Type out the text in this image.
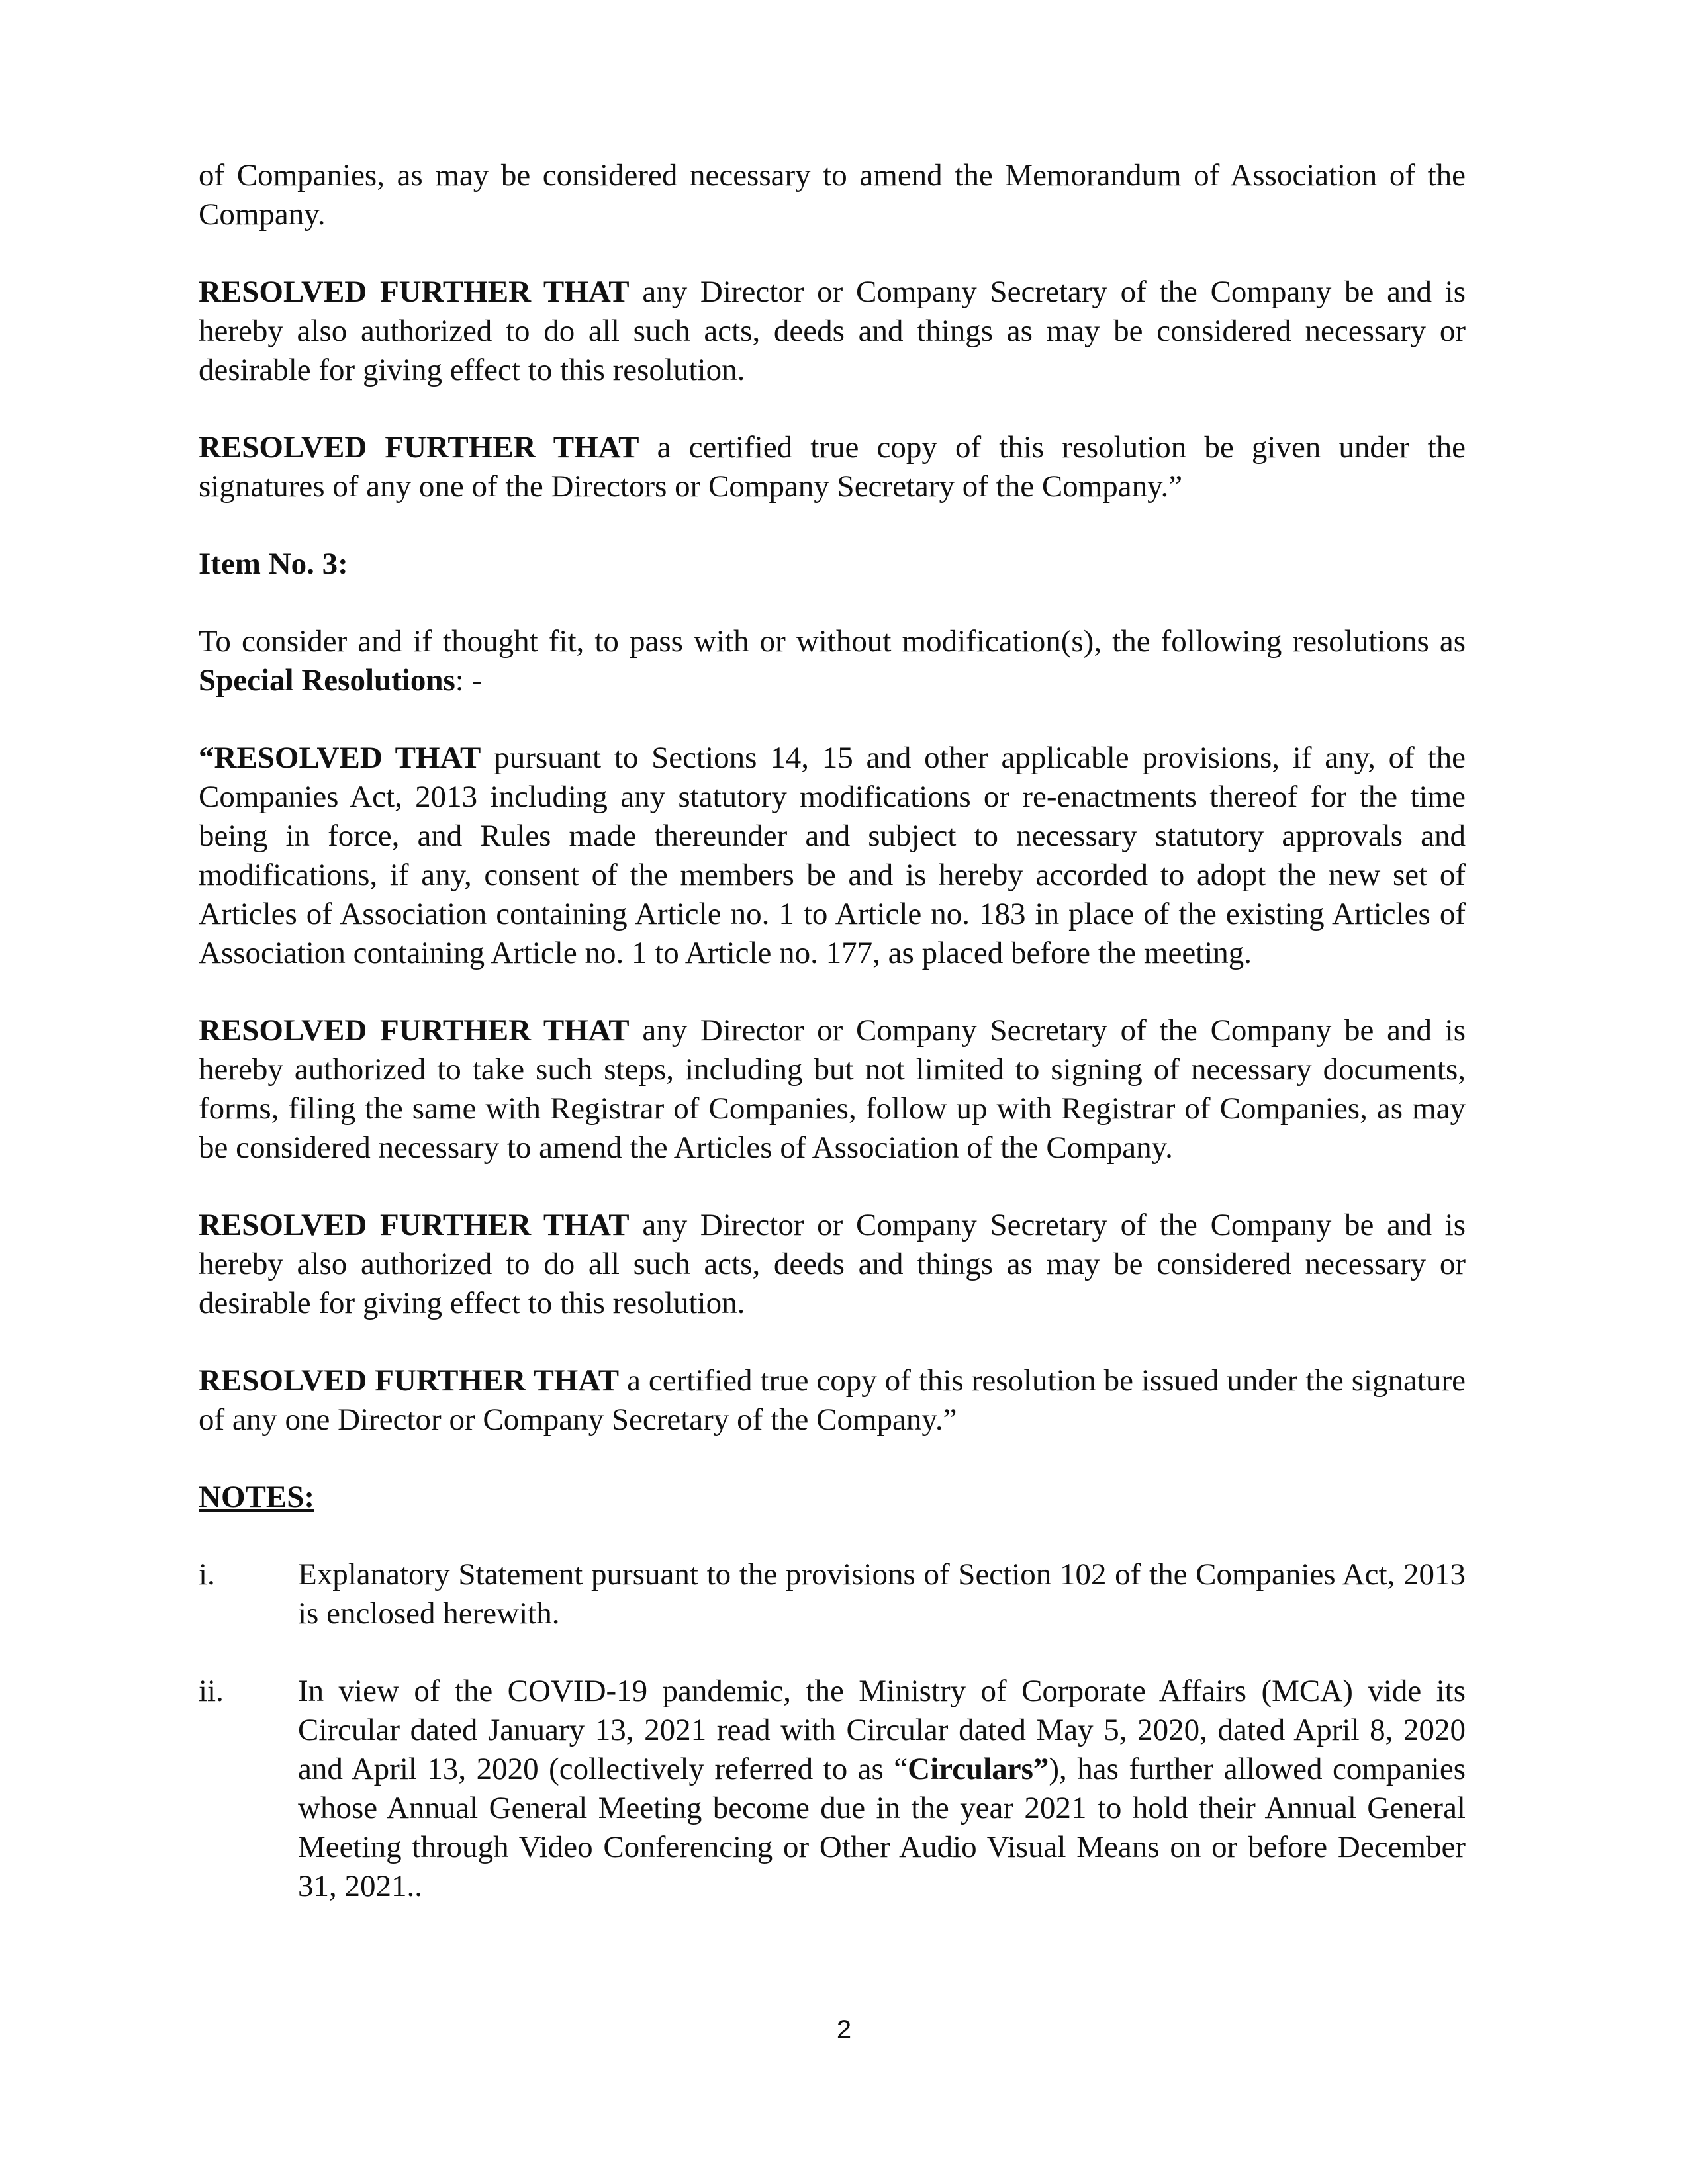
of Companies, as may be considered necessary to amend the Memorandum of Association of the Company.

RESOLVED FURTHER THAT any Director or Company Secretary of the Company be and is hereby also authorized to do all such acts, deeds and things as may be considered necessary or desirable for giving effect to this resolution.

RESOLVED FURTHER THAT a certified true copy of this resolution be given under the signatures of any one of the Directors or Company Secretary of the Company.”

Item No. 3:

To consider and if thought fit, to pass with or without modification(s), the following resolutions as Special Resolutions: -

“RESOLVED THAT pursuant to Sections 14, 15 and other applicable provisions, if any, of the Companies Act, 2013 including any statutory modifications or re-enactments thereof for the time being in force, and Rules made thereunder and subject to necessary statutory approvals and modifications, if any, consent of the members be and is hereby accorded to adopt the new set of Articles of Association containing Article no. 1 to Article no. 183 in place of the existing Articles of Association containing Article no. 1 to Article no. 177, as placed before the meeting.

RESOLVED FURTHER THAT any Director or Company Secretary of the Company be and is hereby authorized to take such steps, including but not limited to signing of necessary documents, forms, filing the same with Registrar of Companies, follow up with Registrar of Companies, as may be considered necessary to amend the Articles of Association of the Company.

RESOLVED FURTHER THAT any Director or Company Secretary of the Company be and is hereby also authorized to do all such acts, deeds and things as may be considered necessary or desirable for giving effect to this resolution.

RESOLVED FURTHER THAT a certified true copy of this resolution be issued under the signature of any one Director or Company Secretary of the Company.”

NOTES:

i.	Explanatory Statement pursuant to the provisions of Section 102 of the Companies Act, 2013 is enclosed herewith.
ii.	In view of the COVID-19 pandemic, the Ministry of Corporate Affairs (MCA) vide its Circular dated January 13, 2021 read with Circular dated May 5, 2020, dated April 8, 2020 and April 13, 2020 (collectively referred to as “Circulars”), has further allowed companies whose Annual General Meeting become due in the year 2021 to hold their Annual General Meeting through Video Conferencing or Other Audio Visual Means on or before December 31, 2021..
2
